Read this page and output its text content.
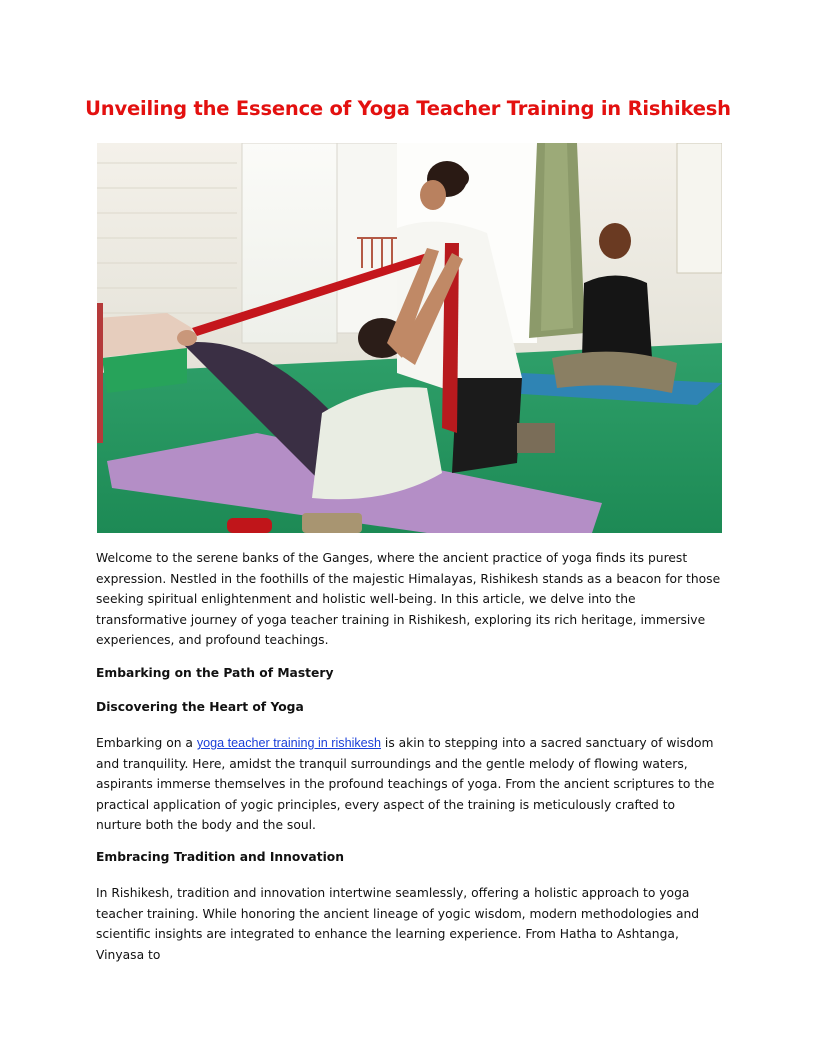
Unveiling the Essence of Yoga Teacher Training in Rishikesh
Welcome to the serene banks of the Ganges, where the ancient practice of yoga finds its purest expression. Nestled in the foothills of the majestic Himalayas, Rishikesh stands as a beacon for those seeking spiritual enlightenment and holistic well-being. In this article, we delve into the transformative journey of yoga teacher training in Rishikesh, exploring its rich heritage, immersive experiences, and profound teachings.
Embarking on the Path of Mastery
Discovering the Heart of Yoga
Embarking on a yoga teacher training in rishikesh is akin to stepping into a sacred sanctuary of wisdom and tranquility. Here, amidst the tranquil surroundings and the gentle melody of flowing waters, aspirants immerse themselves in the profound teachings of yoga. From the ancient scriptures to the practical application of yogic principles, every aspect of the training is meticulously crafted to nurture both the body and the soul.
Embracing Tradition and Innovation
In Rishikesh, tradition and innovation intertwine seamlessly, offering a holistic approach to yoga teacher training. While honoring the ancient lineage of yogic wisdom, modern methodologies and scientific insights are integrated to enhance the learning experience. From Hatha to Ashtanga, Vinyasa to
